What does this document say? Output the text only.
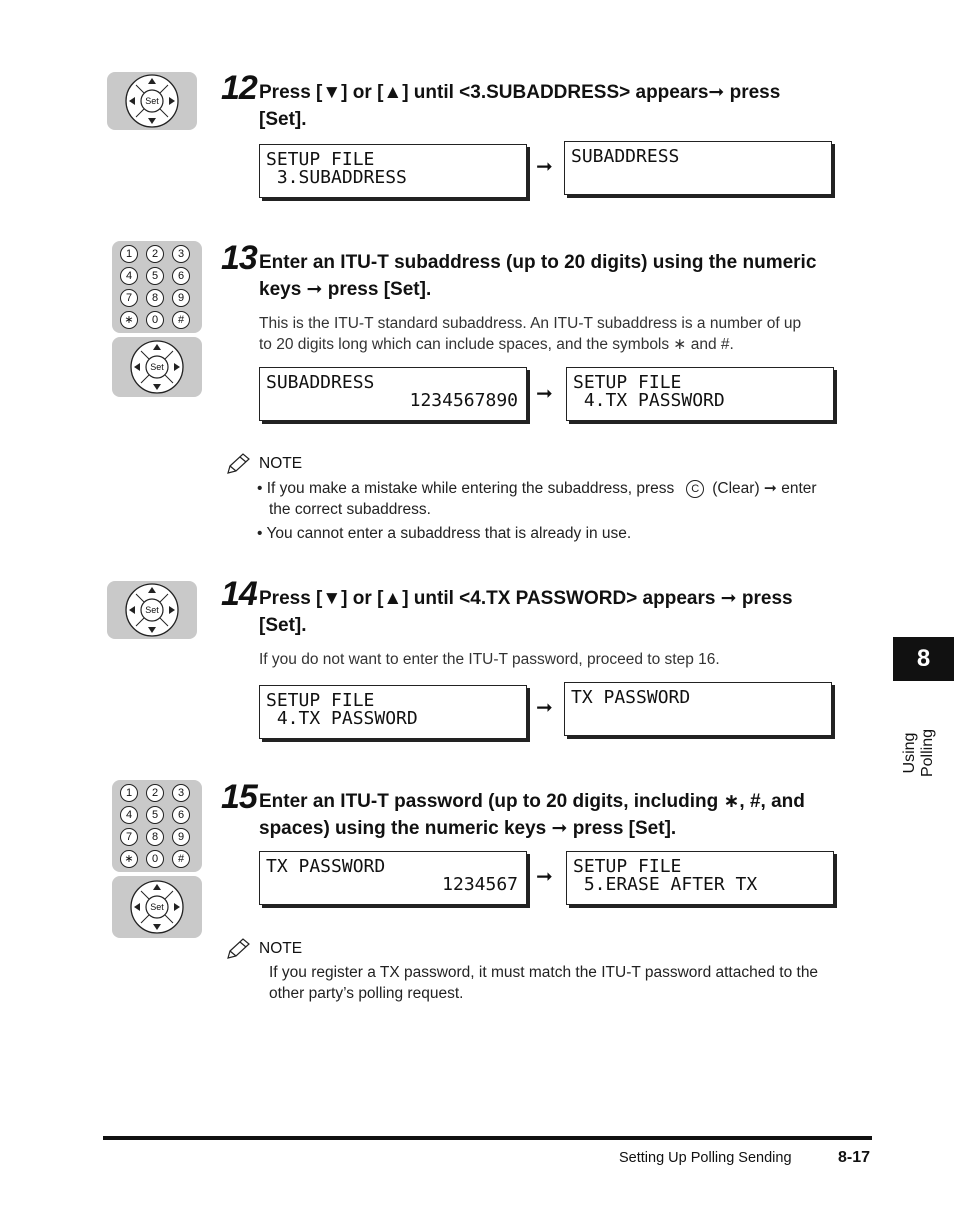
Set 12 Press [▼] or [▲] until <3.SUBADDRESS> appears➞ press
[Set].
SETUP FILE
3.SUBADDRESS	➞ SUBADDRESS
1	2	3
4	5	6
7	8	9
∗	0	#
Set
13 Enter an ITU-T subaddress (up to 20 digits) using the numeric
keys ➞ press [Set].
This is the ITU-T standard subaddress. An ITU-T subaddress is a number of up
to 20 digits long which can include spaces, and the symbols ∗ and #.
SUBADDRESS
1234567890 ➞
SETUP FILE
4.TX PASSWORD
NOTE
• If you make a mistake while entering the subaddress, press C (Clear) ➞ enter
the correct subaddress.
• You cannot enter a subaddress that is already in use.
Set 14 Press [▼] or [▲] until <4.TX PASSWORD> appears ➞ press
[Set].
If you do not want to enter the ITU-T password, proceed to step 16.
SETUP FILE
4.TX PASSWORD	➞ TX PASSWORD
1	2	3
4	5	6
7	8	9
∗	0	#
Set
15 Enter an ITU-T password (up to 20 digits, including ∗, #, and
spaces) using the numeric keys ➞ press [Set].
TX PASSWORD
1234567 ➞ SETUP FILE
5.ERASE AFTER TX
NOTE
If you register a TX password, it must match the ITU-T password attached to the
other party’s polling request.
8
Using Polling
Setting Up Polling Sending	8-17
